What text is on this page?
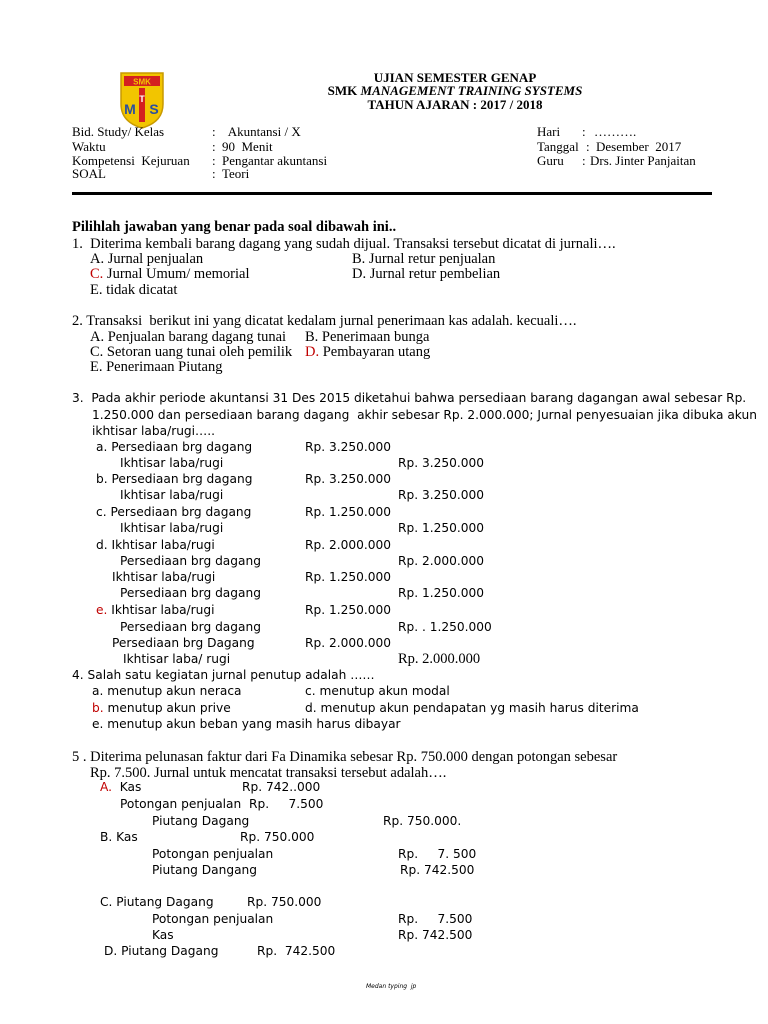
SMK
M
T
S
UJIAN SEMESTER GENAP
SMK MANAGEMENT TRAINING SYSTEMS
TAHUN AJARAN : 2017 / 2018
Bid. Study/ Kelas	: Akuntansi / X
Waktu	: 90  Menit
Kompetensi  Kejuruan : Pengantar akuntansi
SOAL	: Teori
Hari : ……….
Tanggal : Desember  2017
Guru : Drs. Jinter Panjaitan
Pilihlah jawaban yang benar pada soal dibawah ini..
1.  Diterima kembali barang dagang yang sudah dijual. Transaksi tersebut dicatat di jurnali….
A. Jurnal penjualan	B. Jurnal retur penjualan
C. Jurnal Umum/ memorial	D. Jurnal retur pembelian
E. tidak dicatat
2. Transaksi  berikut ini yang dicatat kedalam jurnal penerimaan kas adalah. kecuali….
A. Penjualan barang dagang tunai B. Penerimaan bunga
C. Setoran uang tunai oleh pemilik D. Pembayaran utang
E. Penerimaan Piutang
3.  Pada akhir periode akuntansi 31 Des 2015 diketahui bahwa persediaan barang dagangan awal sebesar Rp.
1.250.000 dan persediaan barang dagang  akhir sebesar Rp. 2.000.000; Jurnal penyesuaian jika dibuka akun
ikhtisar laba/rugi…..
a. Persediaan brg dagang	Rp. 3.250.000
Ikhtisar laba/rugi	Rp. 3.250.000
b. Persediaan brg dagang	Rp. 3.250.000
Ikhtisar laba/rugi	Rp. 3.250.000
c. Persediaan brg dagang	Rp. 1.250.000
Ikhtisar laba/rugi	Rp. 1.250.000
d. Ikhtisar laba/rugi	Rp. 2.000.000
Persediaan brg dagang	Rp. 2.000.000
Ikhtisar laba/rugi	Rp. 1.250.000
Persediaan brg dagang	Rp. 1.250.000
e. Ikhtisar laba/rugi	Rp. 1.250.000
Persediaan brg dagang	Rp. . 1.250.000
Persediaan brg Dagang	Rp. 2.000.000
Ikhtisar laba/ rugi	Rp. 2.000.000
4. Salah satu kegiatan jurnal penutup adalah ……
a. menutup akun neraca	c. menutup akun modal
b. menutup akun prive	d. menutup akun pendapatan yg masih harus diterima
e. menutup akun beban yang masih harus dibayar
5 . Diterima pelunasan faktur dari Fa Dinamika sebesar Rp. 750.000 dengan potongan sebesar
Rp. 7.500. Jurnal untuk mencatat transaksi tersebut adalah….
A.  Kas	Rp. 742..000
Potongan penjualan  Rp.     7.500
Piutang Dagang	Rp. 750.000.
B. Kas	Rp. 750.000
Potongan penjualan	Rp.     7. 500
Piutang Dangang	Rp. 742.500
C. Piutang Dagang	Rp. 750.000
Potongan penjualan	Rp.     7.500
Kas	Rp. 742.500
D. Piutang Dagang	Rp.  742.500
Medan typing  jp
